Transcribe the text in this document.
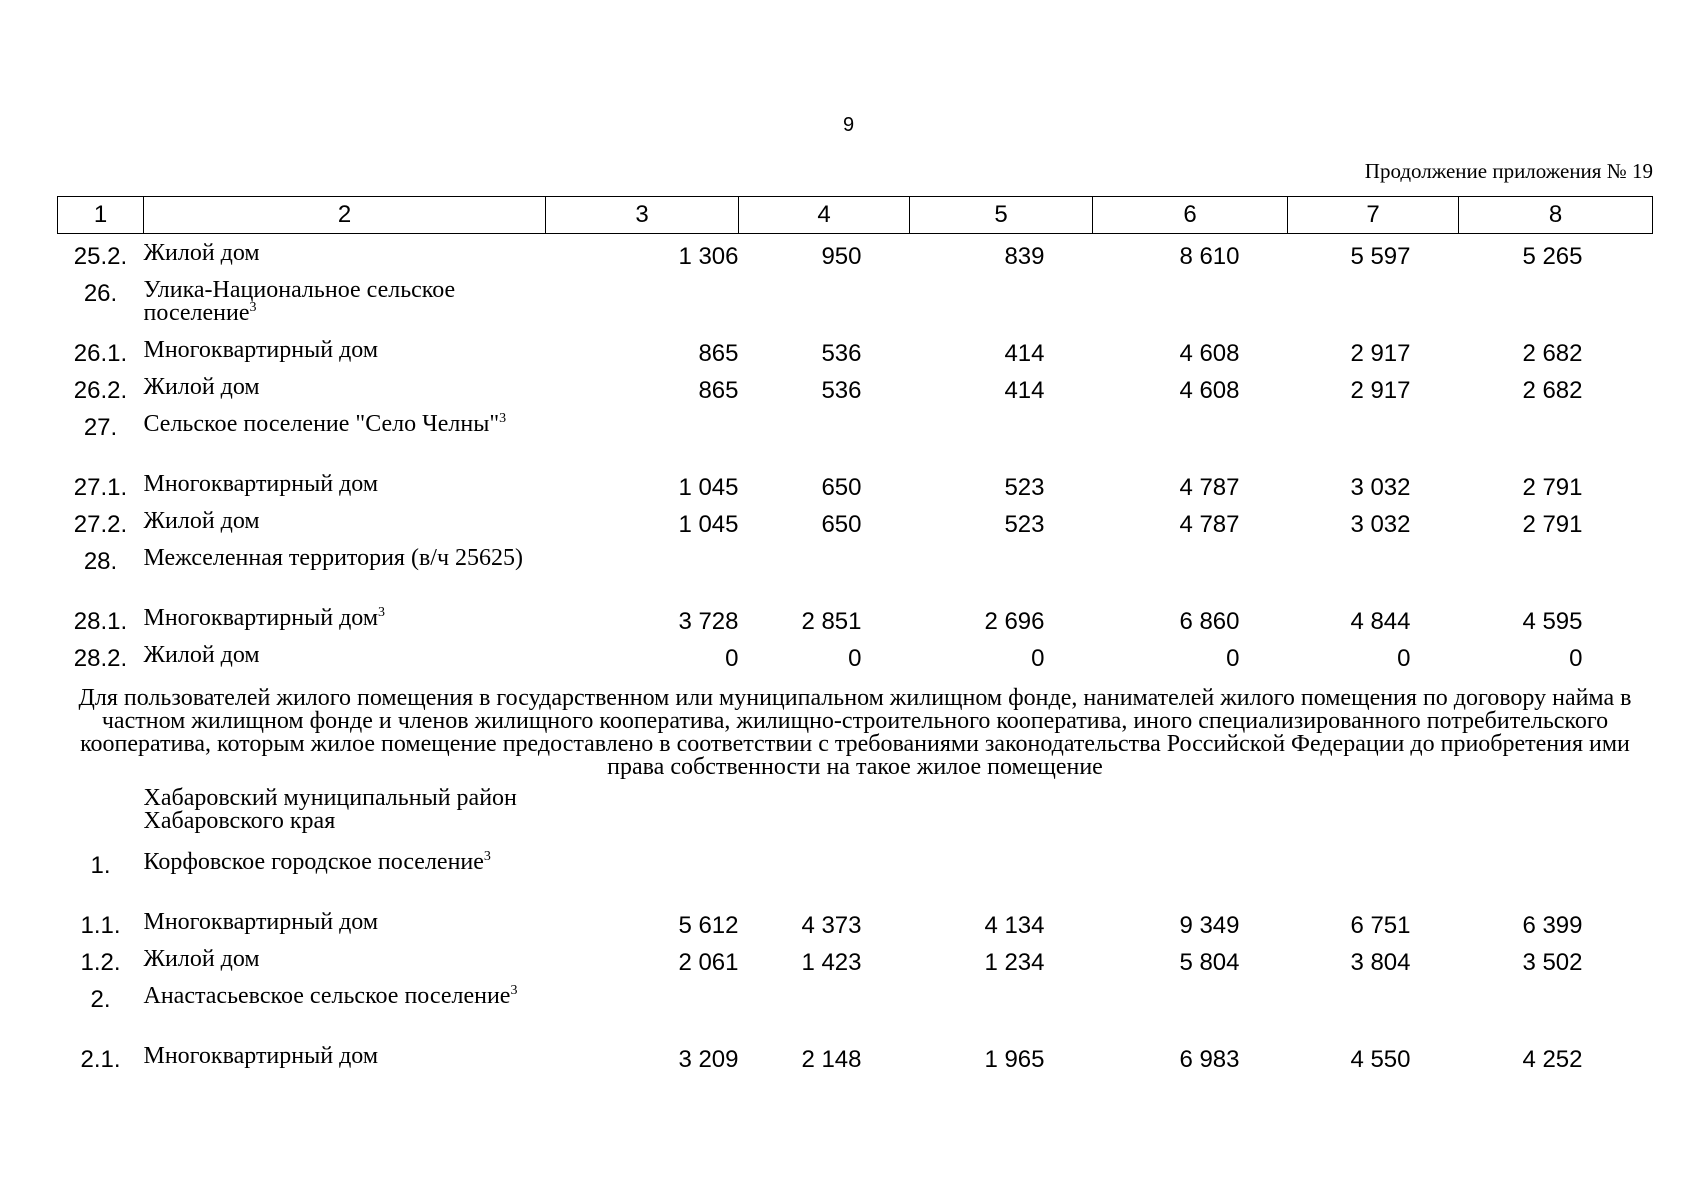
9
Продолжение приложения № 19
1	2	3	4	5	6	7	8
25.2.	Жилой дом	1 306	950	839	8 610	5 597	5 265
26.	Улика-Национальное сельское поселение$^3$						
26.1.	Многоквартирный дом	865	536	414	4 608	2 917	2 682
26.2.	Жилой дом	865	536	414	4 608	2 917	2 682
27.	Сельское поселение "Село Челны"$^3$						
27.1.	Многоквартирный дом	1 045	650	523	4 787	3 032	2 791
27.2.	Жилой дом	1 045	650	523	4 787	3 032	2 791
28.	Межселенная территория (в/ч 25625)						
28.1.	Многоквартирный дом$^3$	3 728	2 851	2 696	6 860	4 844	4 595
28.2.	Жилой дом	0	0	0	0	0	0
Для пользователей жилого помещения в государственном или муниципальном жилищном фонде, нанимателей жилого помещения по договору найма в частном жилищном фонде и членов жилищного кооператива, жилищно-строительного кооператива, иного специализированного потребительского кооператива, которым жилое помещение предоставлено в соответствии с требованиями законодательства Российской Федерации до приобретения ими права собственности на такое жилое помещение							
	Хабаровский муниципальный район Хабаровского края						
1.	Корфовское городское поселение$^3$						
1.1.	Многоквартирный дом	5 612	4 373	4 134	9 349	6 751	6 399
1.2.	Жилой дом	2 061	1 423	1 234	5 804	3 804	3 502
2.	Анастасьевское сельское поселение$^3$						
2.1.	Многоквартирный дом	3 209	2 148	1 965	6 983	4 550	4 252
